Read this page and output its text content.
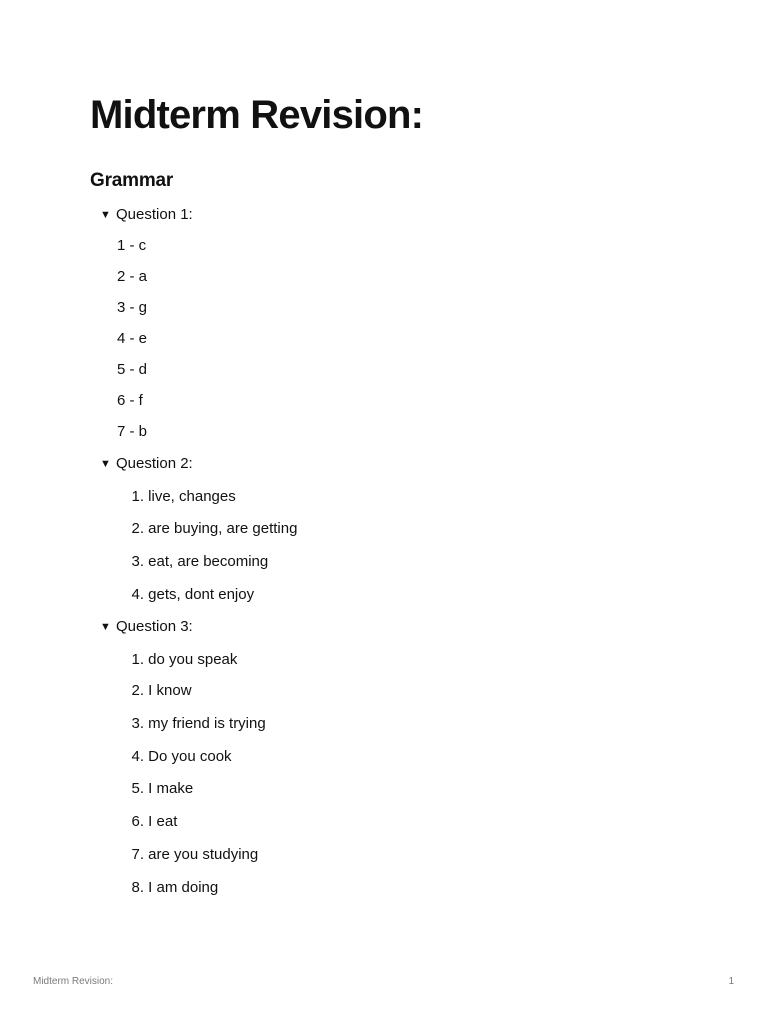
Midterm Revision:
Grammar
▼ Question 1:
1 - c
2 - a
3 - g
4 - e
5 - d
6 - f
7 - b
▼ Question 2:
1. live, changes
2. are buying, are getting
3. eat, are becoming
4. gets, dont enjoy
▼ Question 3:
1. do you speak
2. I know
3. my friend is trying
4. Do you cook
5. I make
6. I eat
7. are you studying
8. I am doing
Midterm Revision:	1
